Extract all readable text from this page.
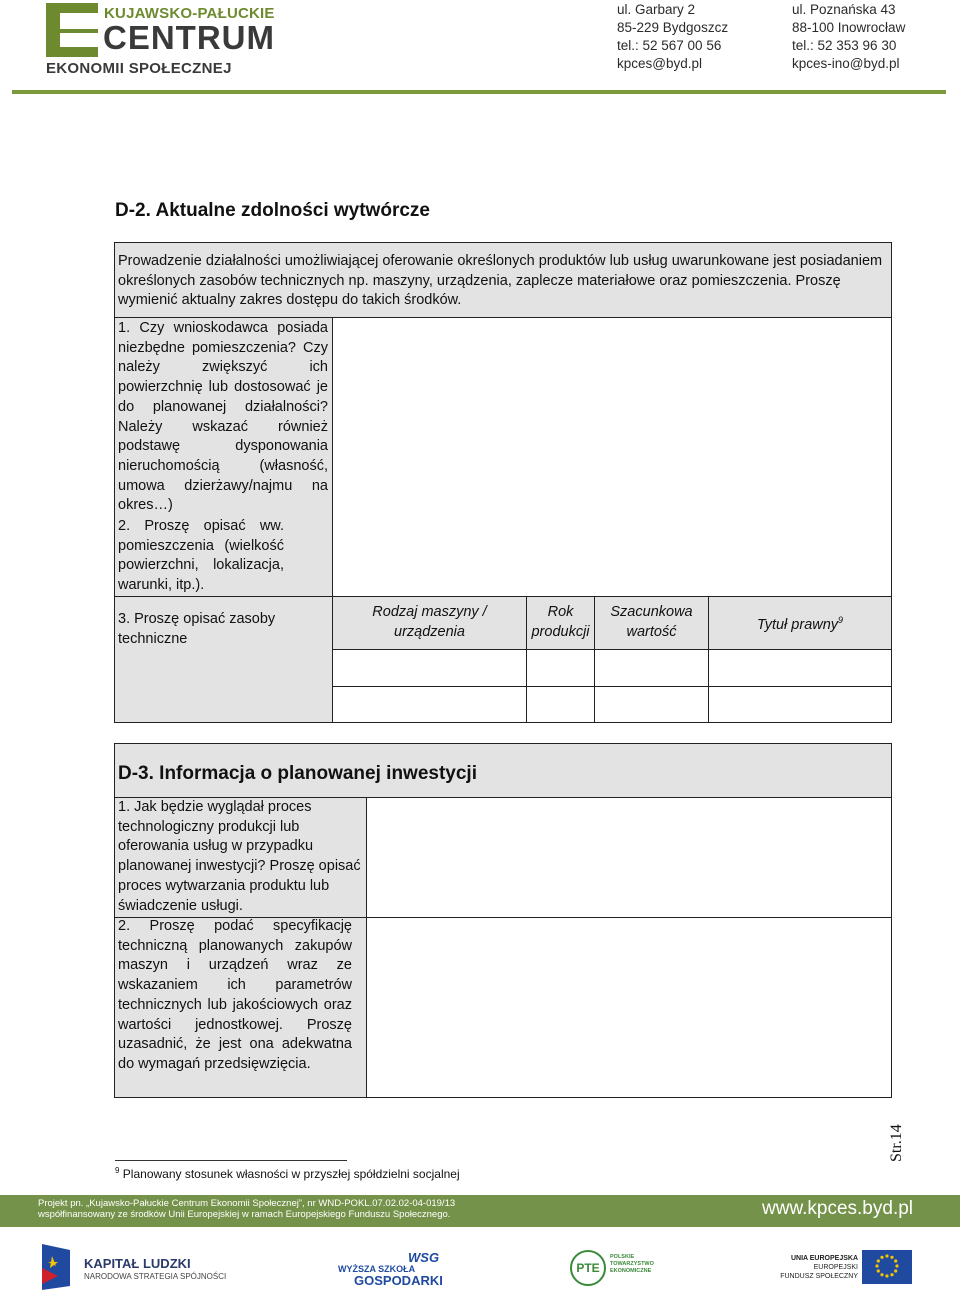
KUJAWSKO-PAŁUCKIE
CENTRUM
EKONOMII SPOŁECZNEJ
ul. Garbary 2
85-229 Bydgoszcz
tel.: 52 567 00 56
kpces@byd.pl
ul. Poznańska 43
88-100 Inowrocław
tel.: 52 353 96 30
kpces-ino@byd.pl
D-2. Aktualne zdolności wytwórcze
Prowadzenie działalności umożliwiającej oferowanie określonych produktów lub usług uwarunkowane jest posiadaniem określonych zasobów technicznych np. maszyny, urządzenia, zaplecze materiałowe oraz pomieszczenia. Proszę wymienić aktualny zakres dostępu do takich środków.
1. Czy wnioskodawca posiada niezbędne pomieszczenia? Czy należy zwiększyć ich powierzchnię lub dostosować je do planowanej działalności? Należy wskazać również podstawę dysponowania nieruchomością (własność, umowa dzierżawy/najmu na okres…)
2. Proszę opisać ww. pomieszczenia (wielkość powierzchni, lokalizacja, warunki, itp.).
3. Proszę opisać zasoby techniczne
Rodzaj maszyny / urządzenia
Rok produkcji
Szacunkowa wartość	Tytuł prawny$^9$
D-3. Informacja o planowanej inwestycji
1. Jak będzie wyglądał proces technologiczny produkcji lub oferowania usług w przypadku planowanej inwestycji? Proszę opisać proces wytwarzania produktu lub świadczenie usługi.
2. Proszę podać specyfikację techniczną planowanych zakupów maszyn i urządzeń wraz ze wskazaniem ich parametrów technicznych lub jakościowych oraz wartości jednostkowej. Proszę uzasadnić, że jest ona adekwatna do wymagań przedsięwzięcia.
$^9$ Planowany stosunek własności w przyszłej spółdzielni socjalnej
Str.14
Projekt pn. „Kujawsko-Pałuckie Centrum Ekonomii Społecznej”, nr WND-POKL.07.02.02-04-019/13
współfinansowany ze środków Unii Europejskiej w ramach Europejskiego Funduszu Społecznego.	www.kpces.byd.pl
KAPITAŁ LUDZKI
NARODOWA STRATEGIA SPÓJNOŚCI
WSG
WYŻSZA SZKOŁA
GOSPODARKI
PTE
POLSKIE
TOWARZYSTWO
EKONOMICZNE
UNIA EUROPEJSKA
EUROPEJSKI
FUNDUSZ SPOŁECZNY
